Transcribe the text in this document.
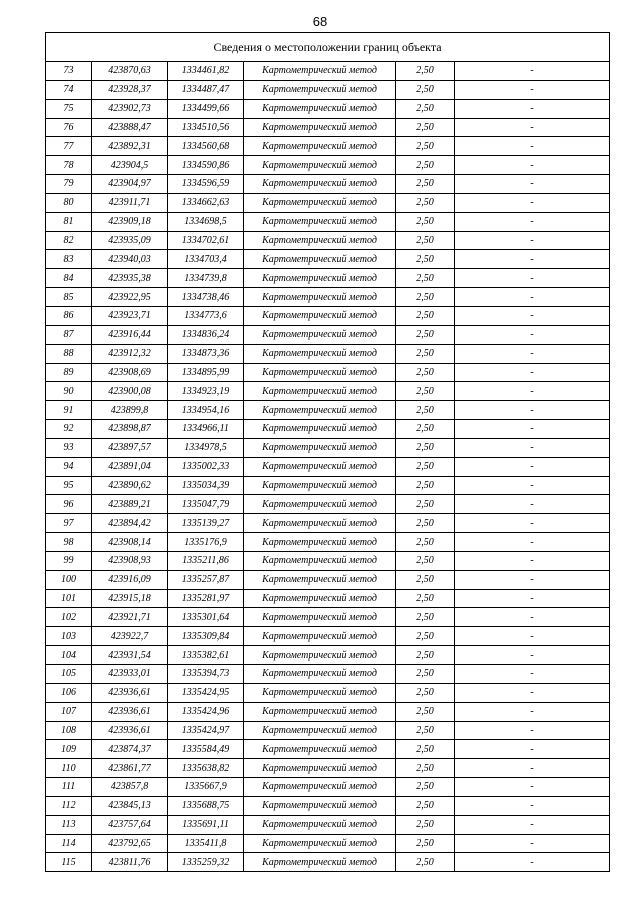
68
Сведения о местоположении границ объекта					
73	423870,63	1334461,82	Картометрический метод	2,50	-
74	423928,37	1334487,47	Картометрический метод	2,50	-
75	423902,73	1334499,66	Картометрический метод	2,50	-
76	423888,47	1334510,56	Картометрический метод	2,50	-
77	423892,31	1334560,68	Картометрический метод	2,50	-
78	423904,5	1334590,86	Картометрический метод	2,50	-
79	423904,97	1334596,59	Картометрический метод	2,50	-
80	423911,71	1334662,63	Картометрический метод	2,50	-
81	423909,18	1334698,5	Картометрический метод	2,50	-
82	423935,09	1334702,61	Картометрический метод	2,50	-
83	423940,03	1334703,4	Картометрический метод	2,50	-
84	423935,38	1334739,8	Картометрический метод	2,50	-
85	423922,95	1334738,46	Картометрический метод	2,50	-
86	423923,71	1334773,6	Картометрический метод	2,50	-
87	423916,44	1334836,24	Картометрический метод	2,50	-
88	423912,32	1334873,36	Картометрический метод	2,50	-
89	423908,69	1334895,99	Картометрический метод	2,50	-
90	423900,08	1334923,19	Картометрический метод	2,50	-
91	423899,8	1334954,16	Картометрический метод	2,50	-
92	423898,87	1334966,11	Картометрический метод	2,50	-
93	423897,57	1334978,5	Картометрический метод	2,50	-
94	423891,04	1335002,33	Картометрический метод	2,50	-
95	423890,62	1335034,39	Картометрический метод	2,50	-
96	423889,21	1335047,79	Картометрический метод	2,50	-
97	423894,42	1335139,27	Картометрический метод	2,50	-
98	423908,14	1335176,9	Картометрический метод	2,50	-
99	423908,93	1335211,86	Картометрический метод	2,50	-
100	423916,09	1335257,87	Картометрический метод	2,50	-
101	423915,18	1335281,97	Картометрический метод	2,50	-
102	423921,71	1335301,64	Картометрический метод	2,50	-
103	423922,7	1335309,84	Картометрический метод	2,50	-
104	423931,54	1335382,61	Картометрический метод	2,50	-
105	423933,01	1335394,73	Картометрический метод	2,50	-
106	423936,61	1335424,95	Картометрический метод	2,50	-
107	423936,61	1335424,96	Картометрический метод	2,50	-
108	423936,61	1335424,97	Картометрический метод	2,50	-
109	423874,37	1335584,49	Картометрический метод	2,50	-
110	423861,77	1335638,82	Картометрический метод	2,50	-
111	423857,8	1335667,9	Картометрический метод	2,50	-
112	423845,13	1335688,75	Картометрический метод	2,50	-
113	423757,64	1335691,11	Картометрический метод	2,50	-
114	423792,65	1335411,8	Картометрический метод	2,50	-
115	423811,76	1335259,32	Картометрический метод	2,50	-
